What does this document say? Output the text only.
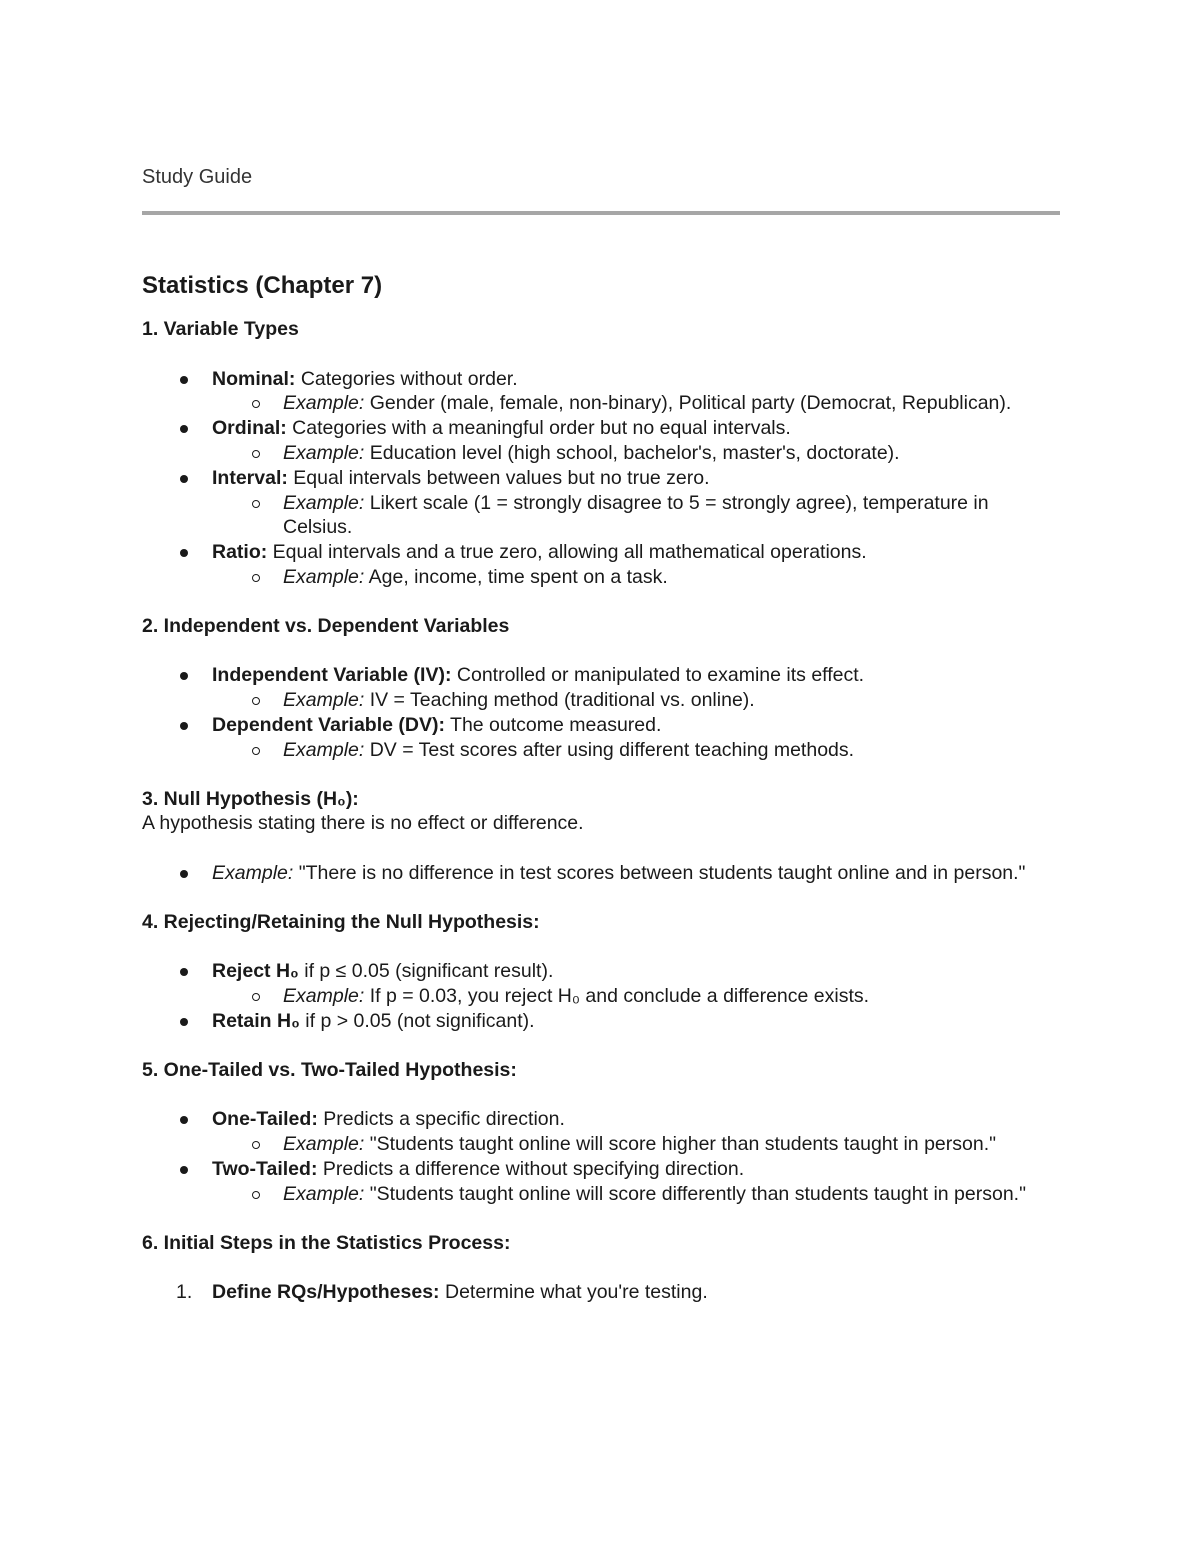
Study Guide
Statistics (Chapter 7)

1. Variable Types

Nominal: Categories without order.
Example: Gender (male, female, non-binary), Political party (Democrat, Republican).
Ordinal: Categories with a meaningful order but no equal intervals.
Example: Education level (high school, bachelor's, master's, doctorate).
Interval: Equal intervals between values but no true zero.
Example: Likert scale (1 = strongly disagree to 5 = strongly agree), temperature in Celsius.
Ratio: Equal intervals and a true zero, allowing all mathematical operations.
Example: Age, income, time spent on a task.

2. Independent vs. Dependent Variables

Independent Variable (IV): Controlled or manipulated to examine its effect.
Example: IV = Teaching method (traditional vs. online).
Dependent Variable (DV): The outcome measured.
Example: DV = Test scores after using different teaching methods.

3. Null Hypothesis (H₀):

A hypothesis stating there is no effect or difference.

Example: "There is no difference in test scores between students taught online and in person."

4. Rejecting/Retaining the Null Hypothesis:

Reject H₀ if p ≤ 0.05 (significant result).
Example: If p = 0.03, you reject H₀ and conclude a difference exists.
Retain H₀ if p > 0.05 (not significant).

5. One-Tailed vs. Two-Tailed Hypothesis:

One-Tailed: Predicts a specific direction.
Example: "Students taught online will score higher than students taught in person."
Two-Tailed: Predicts a difference without specifying direction.
Example: "Students taught online will score differently than students taught in person."

6. Initial Steps in the Statistics Process:

1. Define RQs/Hypotheses: Determine what you're testing.
